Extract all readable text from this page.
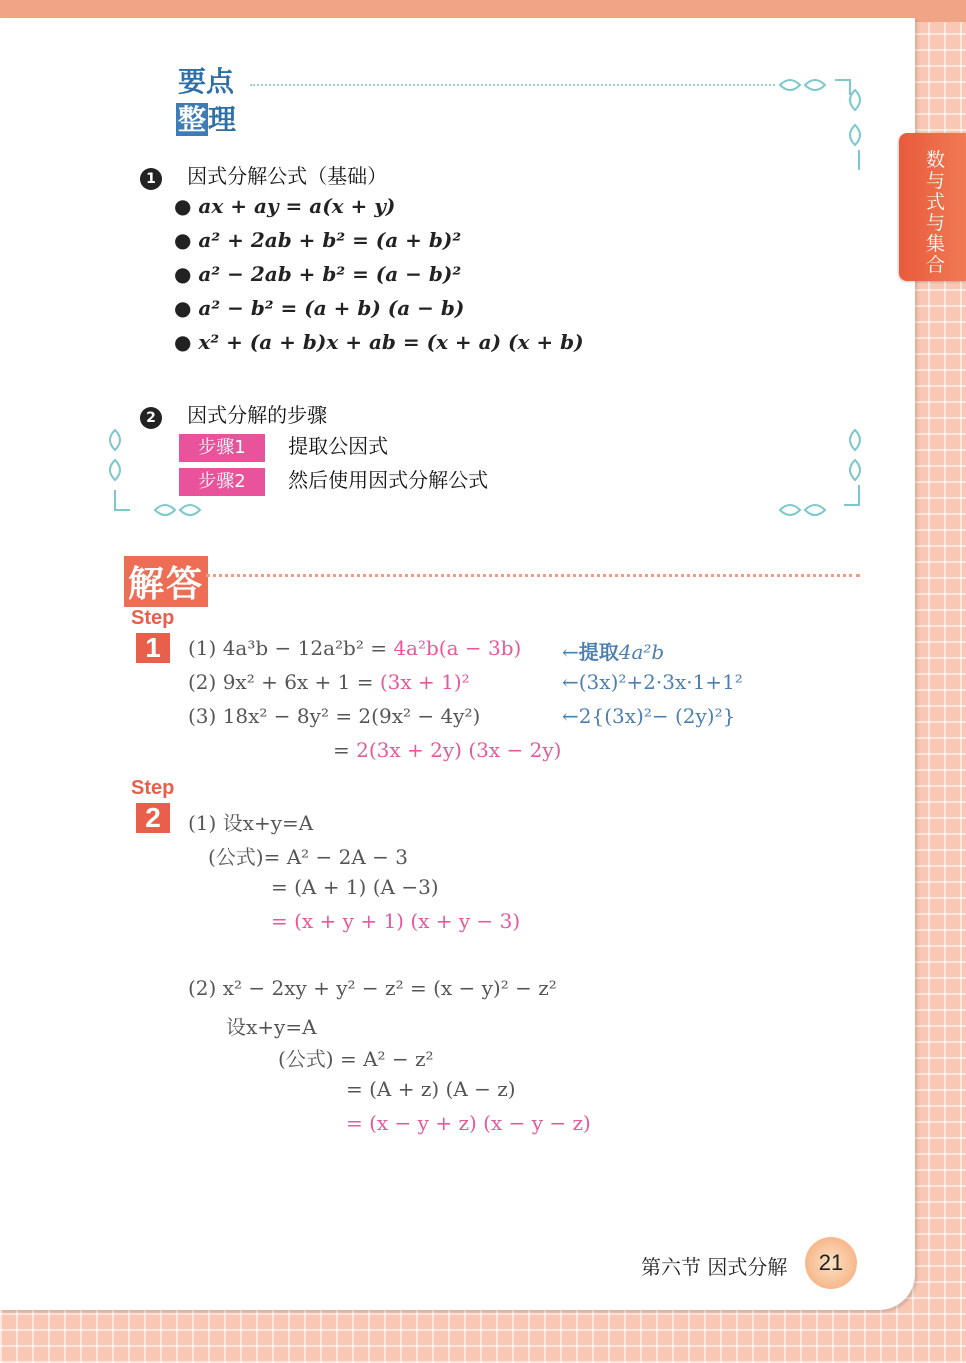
数与式与集合
要点
整理
1 因式分解公式（基础）
● ax + ay = a(x + y)
● a² + 2ab + b² = (a + b)²
● a² − 2ab + b² = (a − b)²
● a² − b² = (a + b) (a − b)
● x² + (a + b)x + ab = (x + a) (x + b)
2 因式分解的步骤
步骤1 提取公因式
步骤2 然后使用因式分解公式
解答
Step
1	(1) 4a³b − 12a²b² = 4a²b(a − 3b) ←提取4a²b
(2) 9x² + 6x + 1 = (3x + 1)²	←(3x)²+2·3x·1+1²
(3) 18x² − 8y² = 2(9x² − 4y²)	←2{(3x)²− (2y)²}
= 2(3x + 2y) (3x − 2y)
Step
2	(1) 设x+y=A
(公式)= A² − 2A − 3
= (A + 1) (A −3)
= (x + y + 1) (x + y − 3)
(2) x² − 2xy + y² − z² = (x − y)² − z²
设x+y=A
(公式) = A² − z²
= (A + z) (A − z)
= (x − y + z) (x − y − z)
第六节 因式分解	21
